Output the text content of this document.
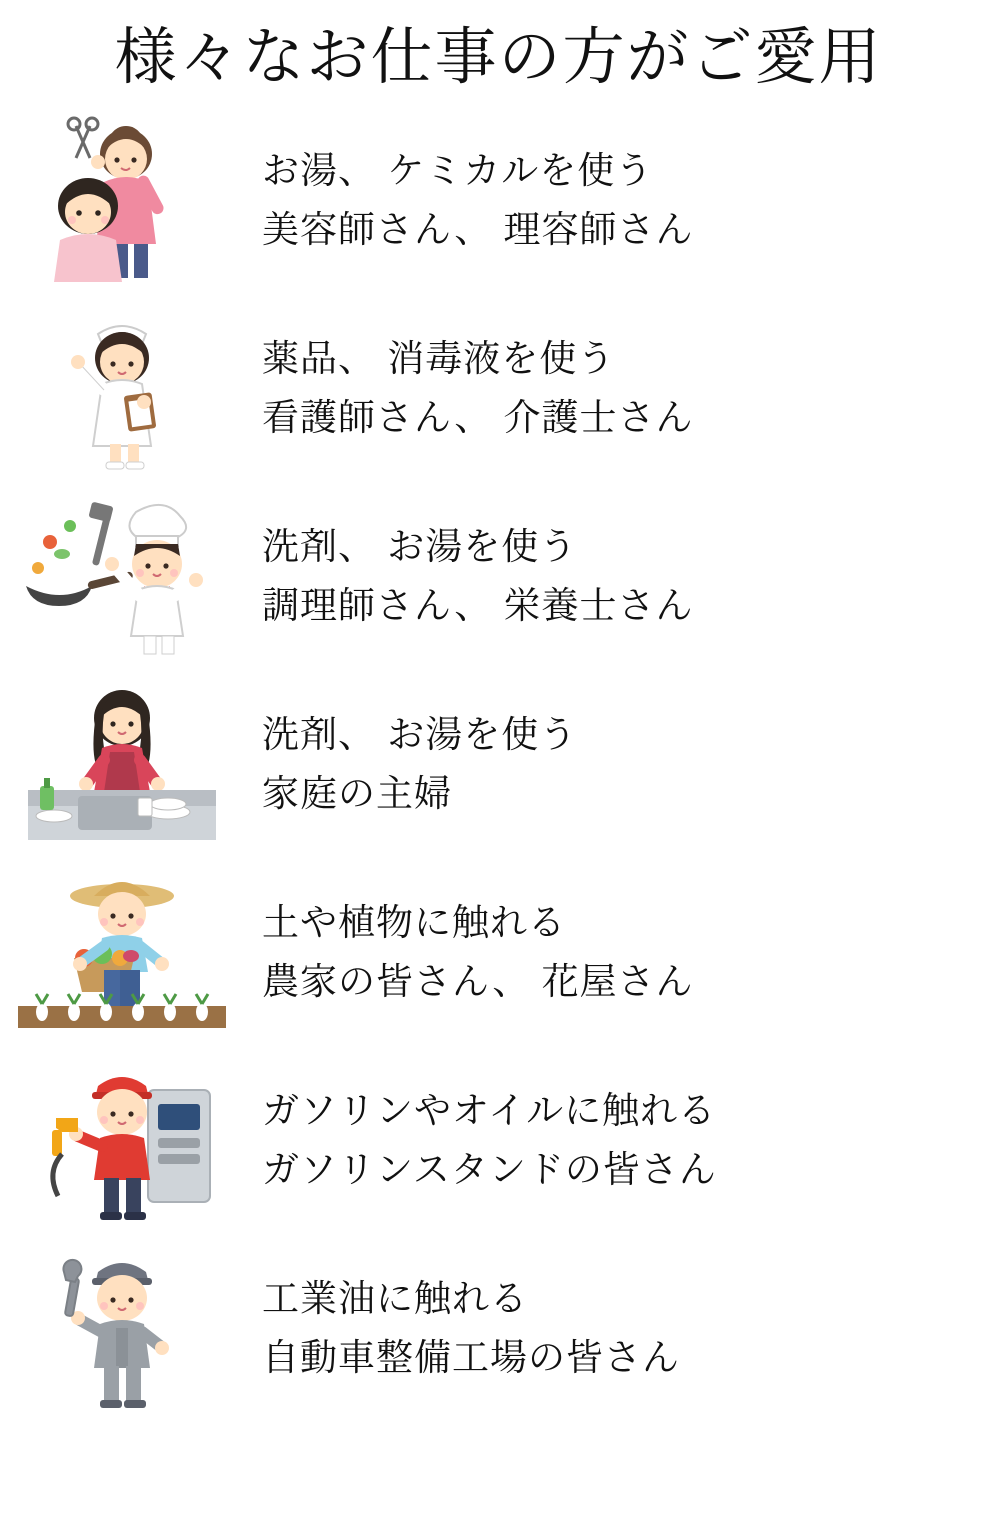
様々なお仕事の方がご愛用
お湯、 ケミカルを使う
美容師さん、 理容師さん
薬品、 消毒液を使う
看護師さん、 介護士さん
洗剤、 お湯を使う
調理師さん、 栄養士さん
洗剤、 お湯を使う
家庭の主婦
土や植物に触れる
農家の皆さん、 花屋さん
ガソリンやオイルに触れる
ガソリンスタンドの皆さん
工業油に触れる
自動車整備工場の皆さん
